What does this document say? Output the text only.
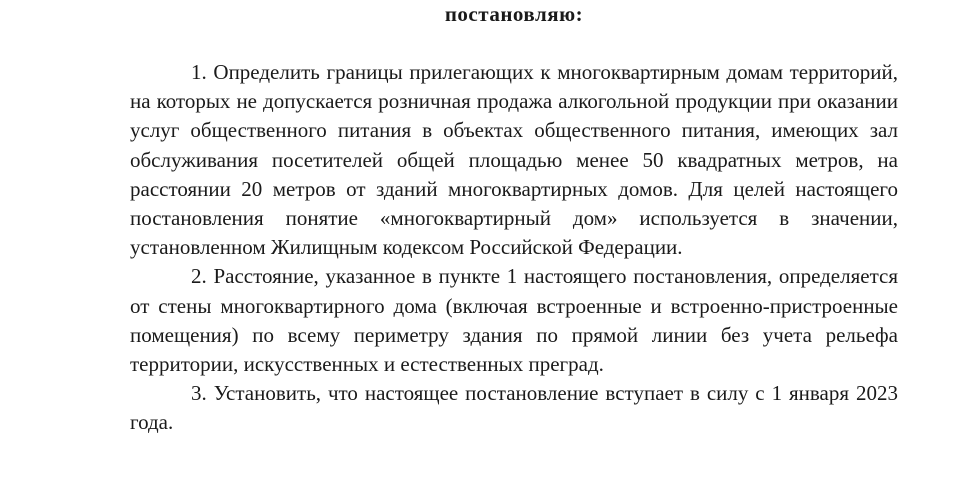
постановляю:

1. Определить границы прилегающих к многоквартирным домам территорий, на которых не допускается розничная продажа алкогольной продукции при оказании услуг общественного питания в объектах общественного питания, имеющих зал обслуживания посетителей общей площадью менее 50 квадратных метров, на расстоянии 20 метров от зданий многоквартирных домов. Для целей настоящего постановления понятие «многоквартирный дом» используется в значении, установленном Жилищным кодексом Российской Федерации.

2. Расстояние, указанное в пункте 1 настоящего постановления, определяется от стены многоквартирного дома (включая встроенные и встроенно-пристроенные помещения) по всему периметру здания по прямой линии без учета рельефа территории, искусственных и естественных преград.

3. Установить, что настоящее постановление вступает в силу с 1 января 2023 года.
